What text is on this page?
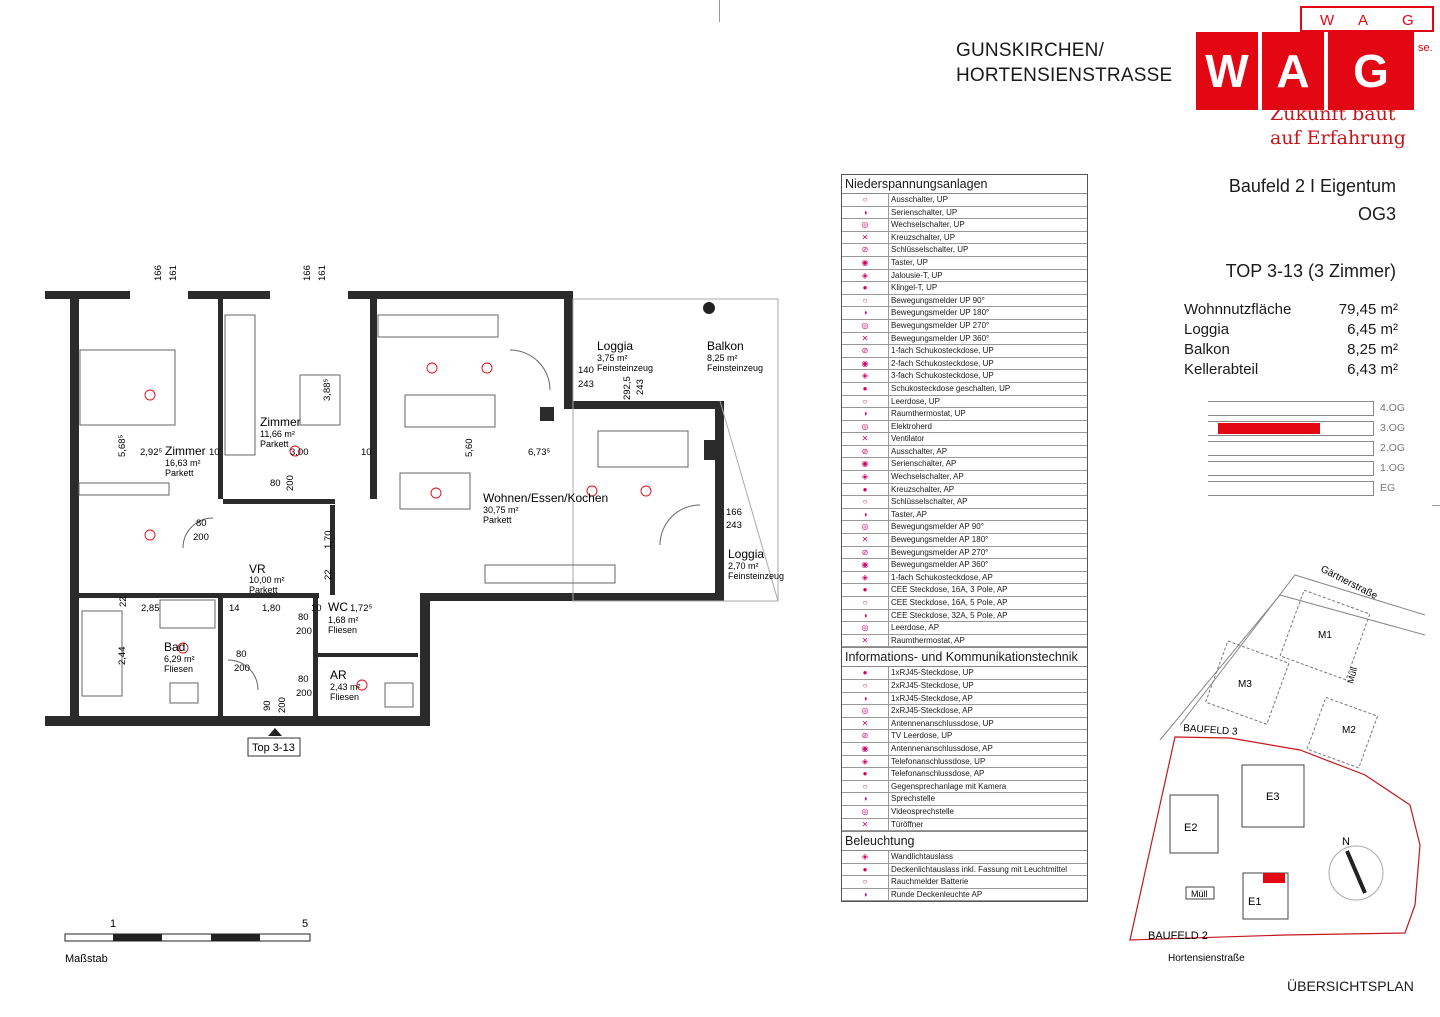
GUNSKIRCHEN/
HORTENSIENSTRASSE W A G
W A G
En	se.
Zukunft baut
auf Erfahrung
Niederspannungsanlagen
○	Ausschalter, UP
◑	Serienschalter, UP
◎	Wechselschalter, UP
✕	Kreuzschalter, UP
⊘	Schlüsselschalter, UP
◉	Taster, UP
◈	Jalousie-T, UP
●	Klingel-T, UP
○	Bewegungsmelder UP 90°
◑	Bewegungsmelder UP 180°
◎	Bewegungsmelder UP 270°
✕	Bewegungsmelder UP 360°
⊘	1-fach Schukosteckdose, UP
◉	2-fach Schukosteckdose, UP
◈	3-fach Schukosteckdose, UP
●	Schukosteckdose geschalten, UP
○	Leerdose, UP
◑	Raumthermostat, UP
◎	Elektroherd
✕	Ventilator
⊘	Ausschalter, AP
◉	Serienschalter, AP
◈	Wechselschalter, AP
●	Kreuzschalter, AP
○	Schlüsselschalter, AP
◑	Taster, AP
◎	Bewegungsmelder AP 90°
✕	Bewegungsmelder AP 180°
⊘	Bewegungsmelder AP 270°
◉	Bewegungsmelder AP 360°
◈	1-fach Schukosteckdose, AP
●	CEE Steckdose, 16A, 3 Pole, AP
○	CEE Steckdose, 16A, 5 Pole, AP
◑	CEE Steckdose, 32A, 5 Pole, AP
◎	Leerdose, AP
✕	Raumthermostat, AP
Informations- und Kommunikationstechnik
●	1xRJ45-Steckdose, UP
○	2xRJ45-Steckdose, UP
◑	1xRJ45-Steckdose, AP
◎	2xRJ45-Steckdose, AP
✕	Antennenanschlussdose, UP
⊘	TV Leerdose, UP
◉	Antennenanschlussdose, AP
◈	Telefonanschlussdose, UP
●	Telefonanschlussdose, AP
○	Gegensprechanlage mit Kamera
◑	Sprechstelle
◎	Videosprechstelle
✕	Türöffner
Beleuchtung
◈	Wandlichtauslass
●	Deckenlichtauslass inkl. Fassung mit Leuchtmittel
○	Rauchmelder Batterie
◑	Runde Deckenleuchte AP
Baufeld 2 I Eigentum
OG3
TOP 3-13 (3 Zimmer)
Wohnnutzfläche	79,45 m²
Loggia	6,45 m²
Balkon	8,25 m²
Kellerabteil	6,43 m²
4.OG
3.OG
2.OG
1.OG
EG
Zimmer
16,63 m²
Parkett
Zimmer
11,66 m²
Parkett
Wohnen/Essen/Kochen
30,75 m²
Parkett
Loggia
3,75 m²
Feinsteinzeug
Balkon
8,25 m²
Feinsteinzeug
Loggia
2,70 m²
Feinsteinzeug
VR
10,00 m²
Parkett
Bad
6,29 m²
Fliesen
WC
1,68 m²
Fliesen
AR
2,43 m²
Fliesen
166 161	166 161
5,68⁵ 2,92⁵	10	3,00	10
3,88⁵
5,60	6,73⁵
80 200
80
200	1,70
22
22
2,85	14 1,80	10	1,72⁵
2,44
80
200
80
200
80
200
90 200
140
243	292,5 243
166
243
Top 3-13
1	5
Maßstab
Müll
Müll
M1
M2
M3
E1
E2
E3
Gärtnerstraße
BAUFELD 3
BAUFELD 2
Hortensienstraße
N
ÜBERSICHTSPLAN
